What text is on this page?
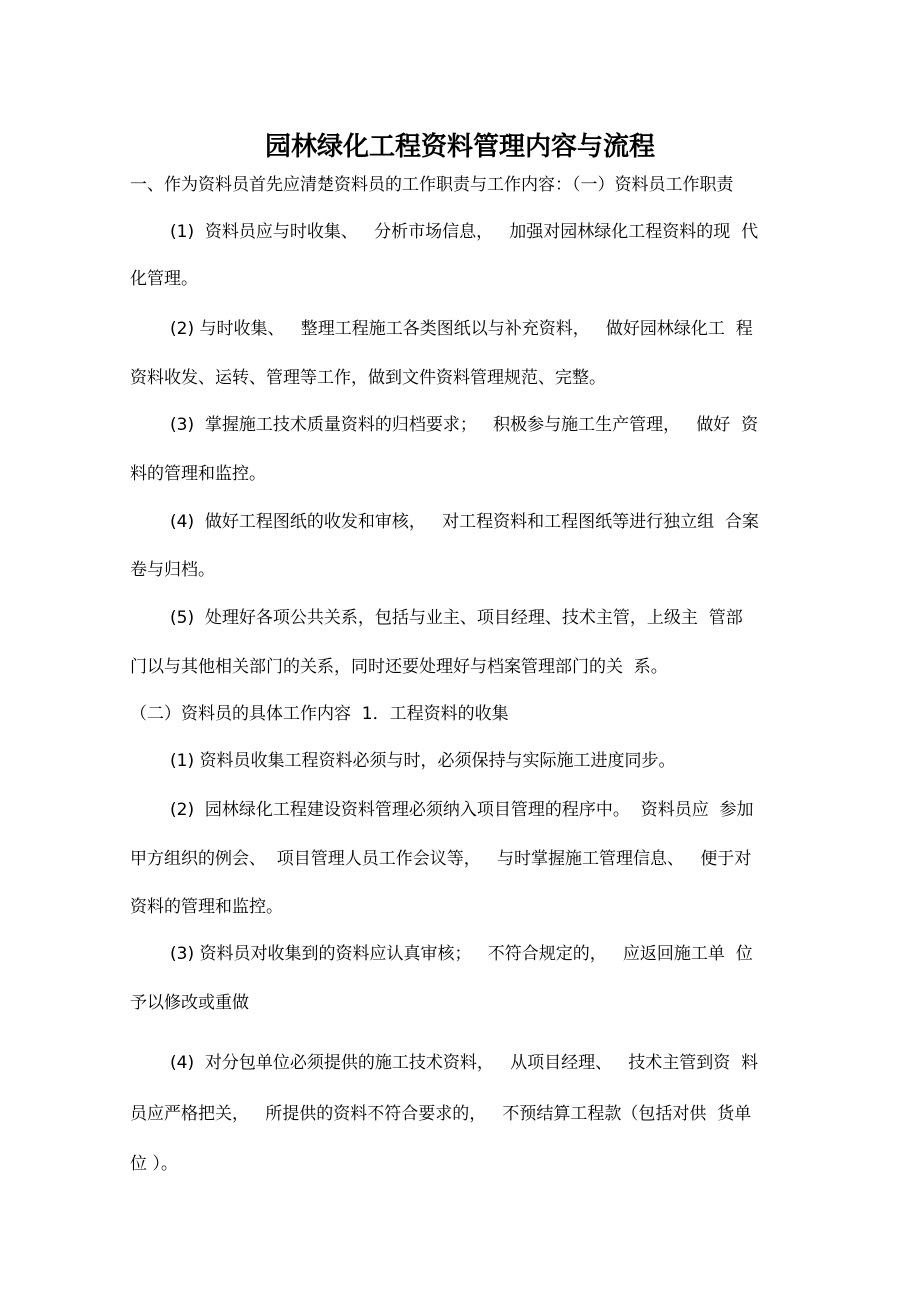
园林绿化工程资料管理内容与流程

一、作为资料员首先应清楚资料员的工作职责与工作内容：（一）资料员工作职责

(1)  资料员应与时收集、   分析市场信息，   加强对园林绿化工程资料的现  代

化管理。

(2) 与时收集、   整理工程施工各类图纸以与补充资料，   做好园林绿化工  程

资料收发、运转、管理等工作，做到文件资料管理规范、完整。

(3)  掌握施工技术质量资料的归档要求；   积极参与施工生产管理，   做好  资

料的管理和监控。

(4)  做好工程图纸的收发和审核，   对工程资料和工程图纸等进行独立组  合案

卷与归档。

(5)  处理好各项公共关系，包括与业主、项目经理、技术主管，上级主  管部

门以与其他相关部门的关系，同时还要处理好与档案管理部门的关  系。

（二）资料员的具体工作内容  1．工程资料的收集

(1) 资料员收集工程资料必须与时，必须保持与实际施工进度同步。

(2)  园林绿化工程建设资料管理必须纳入项目管理的程序中。  资料员应  参加

甲方组织的例会、  项目管理人员工作会议等，   与时掌握施工管理信息、   便于对

资料的管理和监控。

(3) 资料员对收集到的资料应认真审核；   不符合规定的，   应返回施工单  位

予以修改或重做

(4)  对分包单位必须提供的施工技术资料，   从项目经理、   技术主管到资  料

员应严格把关，   所提供的资料不符合要求的，   不预结算工程款（包括对供  货单

位 ）。
